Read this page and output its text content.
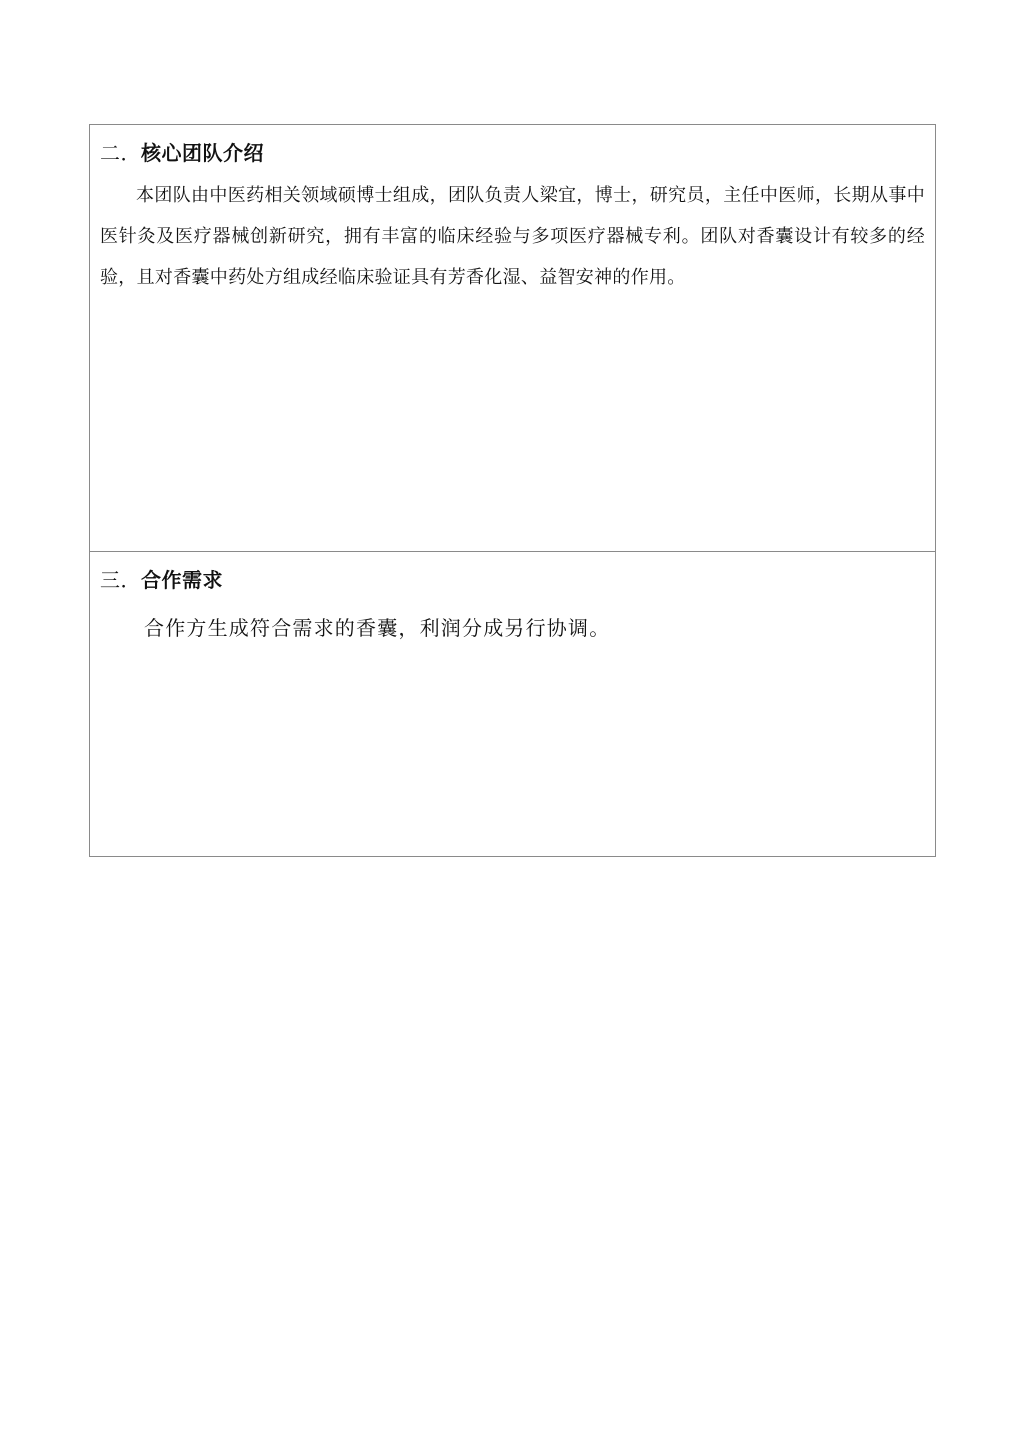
二．核心团队介绍
本团队由中医药相关领域硕博士组成，团队负责人梁宜，博士，研究员，主任中医师，长期从事中医针灸及医疗器械创新研究，拥有丰富的临床经验与多项医疗器械专利。团队对香囊设计有较多的经验，且对香囊中药处方组成经临床验证具有芳香化湿、益智安神的作用。
三．合作需求
合作方生成符合需求的香囊，利润分成另行协调。
